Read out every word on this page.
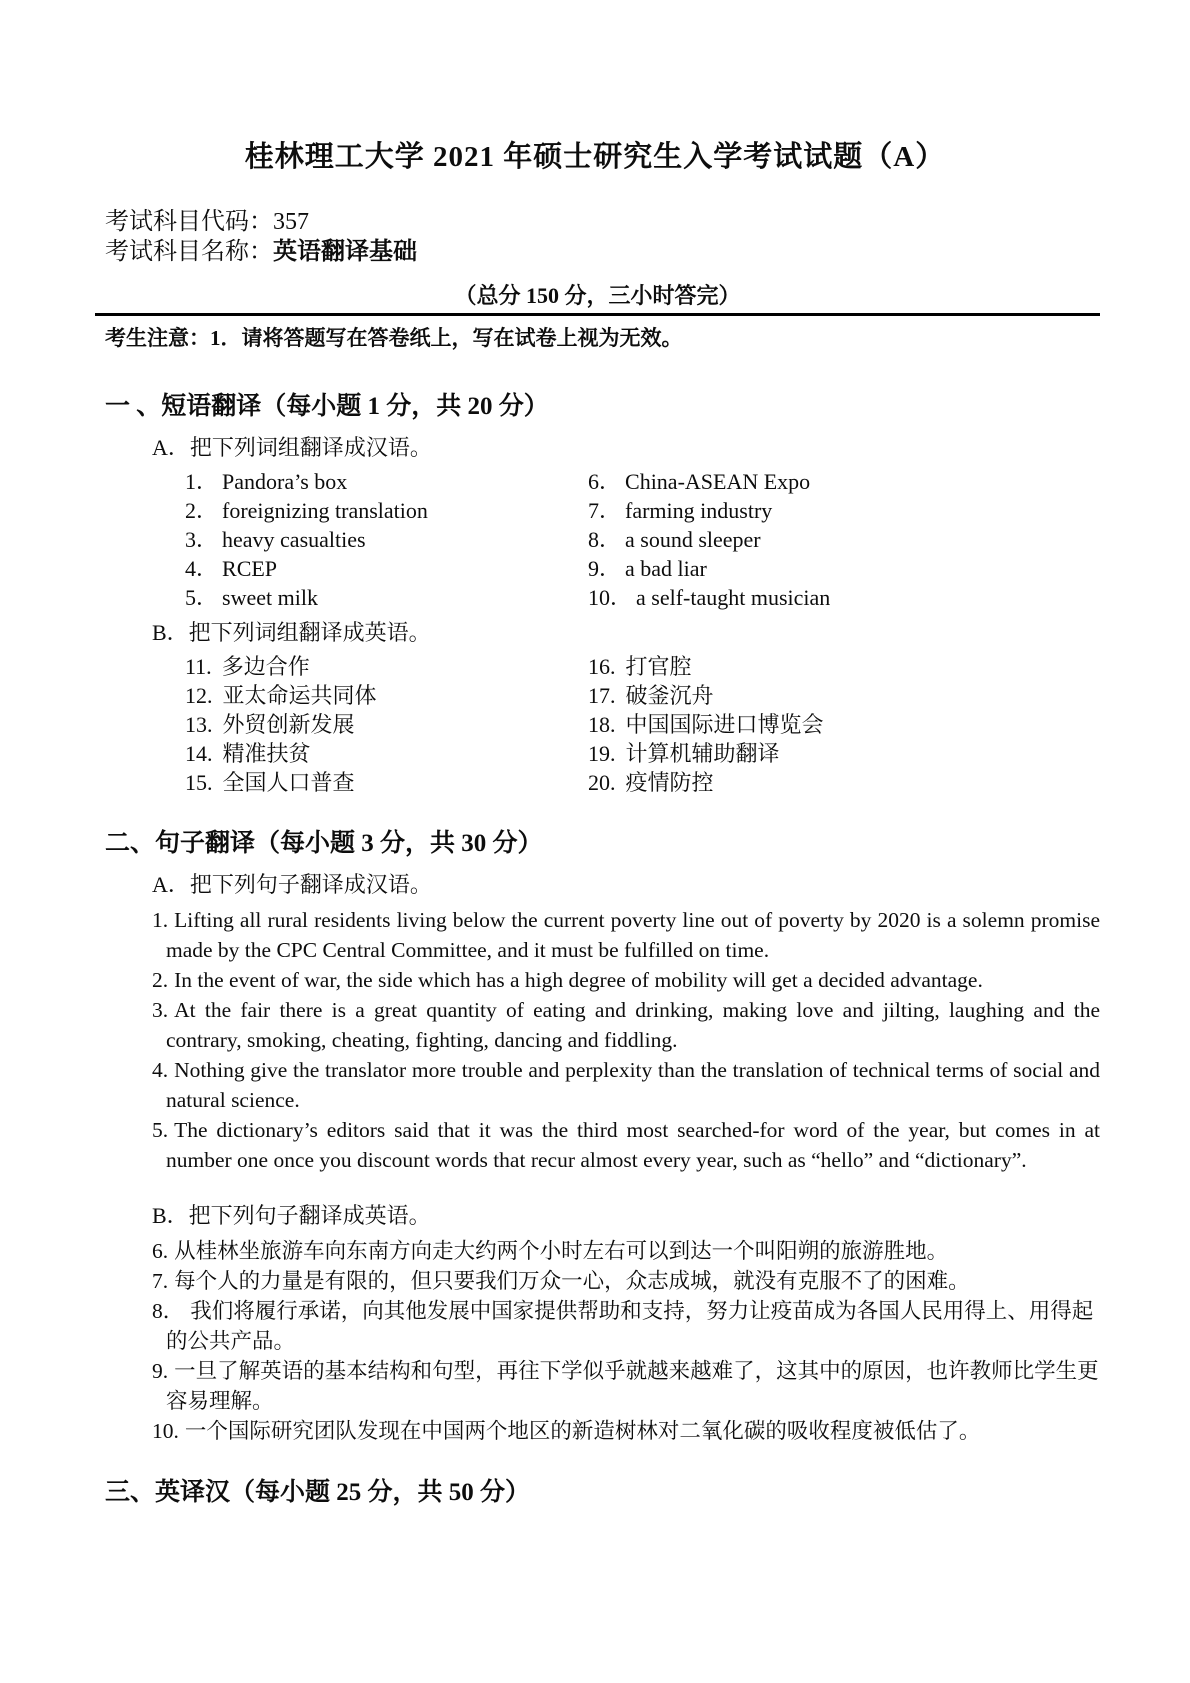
桂林理工大学 2021 年硕士研究生入学考试试题（A）
考试科目代码：357
考试科目名称：英语翻译基础
（总分 150 分，三小时答完）
考生注意：1．请将答题写在答卷纸上，写在试卷上视为无效。
一 、短语翻译（每小题 1 分，共 20 分）
A．把下列词组翻译成汉语。
1． Pandora’s box
2． foreignizing translation
3． heavy casualties
4． RCEP
5． sweet milk
6． China-ASEAN Expo
7． farming industry
8． a sound sleeper
9． a bad liar
10． a self-taught musician
B．把下列词组翻译成英语。
11. 多边合作
12. 亚太命运共同体
13. 外贸创新发展
14. 精准扶贫
15. 全国人口普查
16. 打官腔
17. 破釜沉舟
18. 中国国际进口博览会
19. 计算机辅助翻译
20. 疫情防控
二、句子翻译（每小题 3 分，共 30 分）
A．把下列句子翻译成汉语。
1. Lifting all rural residents living below the current poverty line out of poverty by 2020 is a solemn promise made by the CPC Central Committee, and it must be fulfilled on time.
2. In the event of war, the side which has a high degree of mobility will get a decided advantage.
3. At the fair there is a great quantity of eating and drinking, making love and jilting, laughing and the contrary, smoking, cheating, fighting, dancing and fiddling.
4. Nothing give the translator more trouble and perplexity than the translation of technical terms of social and natural science.
5. The dictionary’s editors said that it was the third most searched-for word of the year, but comes in at number one once you discount words that recur almost every year, such as “hello” and “dictionary”.
B．把下列句子翻译成英语。
6. 从桂林坐旅游车向东南方向走大约两个小时左右可以到达一个叫阳朔的旅游胜地。
7. 每个人的力量是有限的，但只要我们万众一心，众志成城，就没有克服不了的困难。
8． 我们将履行承诺，向其他发展中国家提供帮助和支持，努力让疫苗成为各国人民用得上、用得起的公共产品。
9. 一旦了解英语的基本结构和句型，再往下学似乎就越来越难了，这其中的原因，也许教师比学生更容易理解。
10. 一个国际研究团队发现在中国两个地区的新造树林对二氧化碳的吸收程度被低估了。
三、英译汉（每小题 25 分，共 50 分）
